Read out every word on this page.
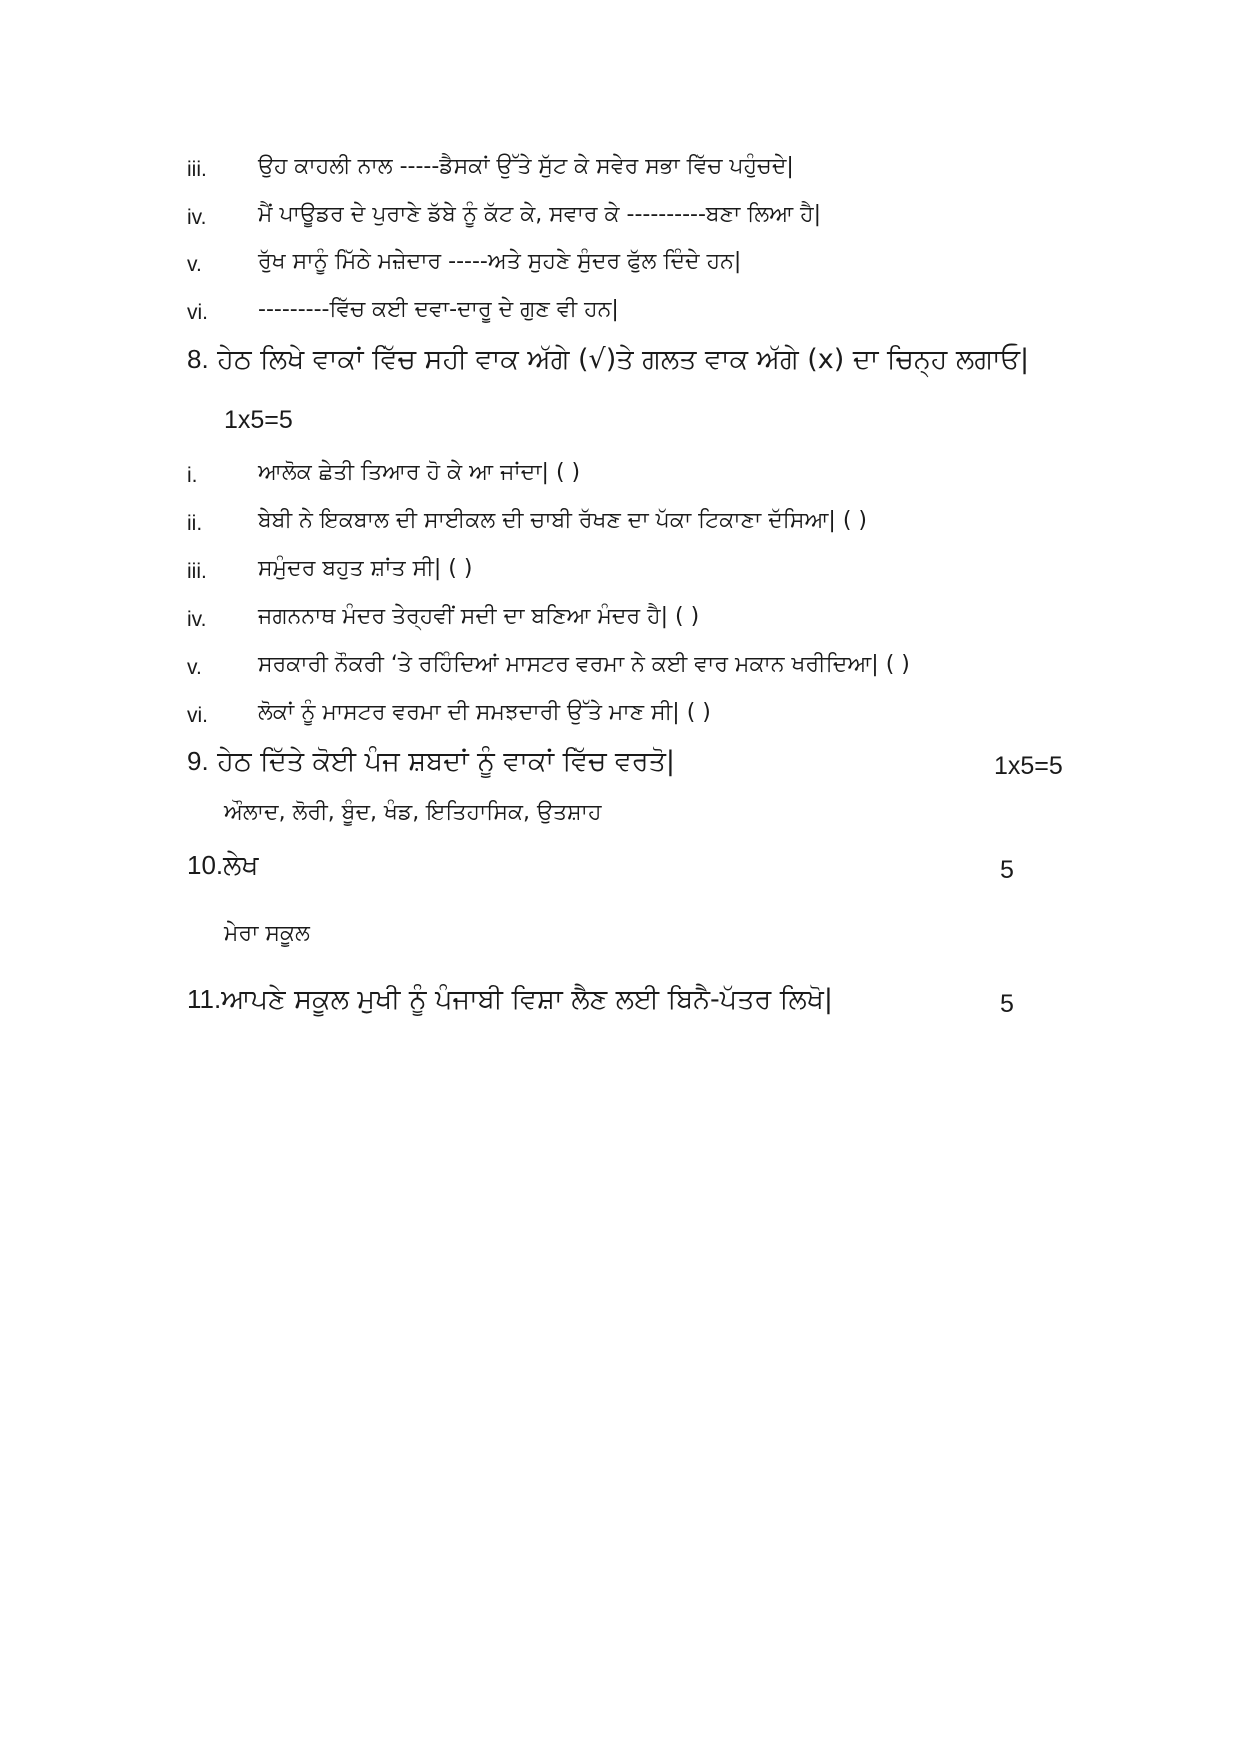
iii. ਉਹ ਕਾਹਲੀ ਨਾਲ -----ਡੈਸਕਾਂ ਉੱਤੇ ਸੁੱਟ ਕੇ ਸਵੇਰ ਸਭਾ ਵਿੱਚ ਪਹੁੰਚਦੇ|
iv. ਮੈਂ ਪਾਊਡਰ ਦੇ ਪੁਰਾਣੇ ਡੱਬੇ ਨੂੰ ਕੱਟ ਕੇ, ਸਵਾਰ ਕੇ ----------ਬਣਾ ਲਿਆ ਹੈ|
v.	ਰੁੱਖ ਸਾਨੂੰ ਮਿੱਠੇ ਮਜ਼ੇਦਾਰ -----ਅਤੇ ਸੁਹਣੇ ਸੁੰਦਰ ਫੁੱਲ ਦਿੰਦੇ ਹਨ|
vi. ---------ਵਿੱਚ ਕਈ ਦਵਾ-ਦਾਰੂ ਦੇ ਗੁਣ ਵੀ ਹਨ|
8. ਹੇਠ ਲਿਖੇ ਵਾਕਾਂ ਵਿੱਚ ਸਹੀ ਵਾਕ ਅੱਗੇ (√)ਤੇ ਗਲਤ ਵਾਕ ਅੱਗੇ (x) ਦਾ ਚਿਨ੍ਹ ਲਗਾਓ|
1x5=5
i.	ਆਲੋਕ ਛੇਤੀ ਤਿਆਰ ਹੋ ਕੇ ਆ ਜਾਂਦਾ| ( )
ii.	ਬੇਬੀ ਨੇ ਇਕਬਾਲ ਦੀ ਸਾਈਕਲ ਦੀ ਚਾਬੀ ਰੱਖਣ ਦਾ ਪੱਕਾ ਟਿਕਾਣਾ ਦੱਸਿਆ| ( )
iii. ਸਮੁੰਦਰ ਬਹੁਤ ਸ਼ਾਂਤ ਸੀ| ( )
iv. ਜਗਨਨਾਥ ਮੰਦਰ ਤੇਰ੍ਹਵੀਂ ਸਦੀ ਦਾ ਬਣਿਆ ਮੰਦਰ ਹੈ| ( )
v.	ਸਰਕਾਰੀ ਨੌਕਰੀ ‘ਤੇ ਰਹਿੰਦਿਆਂ ਮਾਸਟਰ ਵਰਮਾ ਨੇ ਕਈ ਵਾਰ ਮਕਾਨ ਖਰੀਦਿਆ| ( )
vi. ਲੋਕਾਂ ਨੂੰ ਮਾਸਟਰ ਵਰਮਾ ਦੀ ਸਮਝਦਾਰੀ ਉੱਤੇ ਮਾਣ ਸੀ| ( )
9. ਹੇਠ ਦਿੱਤੇ ਕੋਈ ਪੰਜ ਸ਼ਬਦਾਂ ਨੂੰ ਵਾਕਾਂ ਵਿੱਚ ਵਰਤੋ|	1x5=5
ਔਲਾਦ, ਲੋਰੀ, ਬੂੰਦ, ਖੰਡ, ਇਤਿਹਾਸਿਕ, ਉਤਸ਼ਾਹ
10.ਲੇਖ	5
ਮੇਰਾ ਸਕੂਲ
11.ਆਪਣੇ ਸਕੂਲ ਮੁਖੀ ਨੂੰ ਪੰਜਾਬੀ ਵਿਸ਼ਾ ਲੈਣ ਲਈ ਬਿਨੈ-ਪੱਤਰ ਲਿਖੋ|	5
